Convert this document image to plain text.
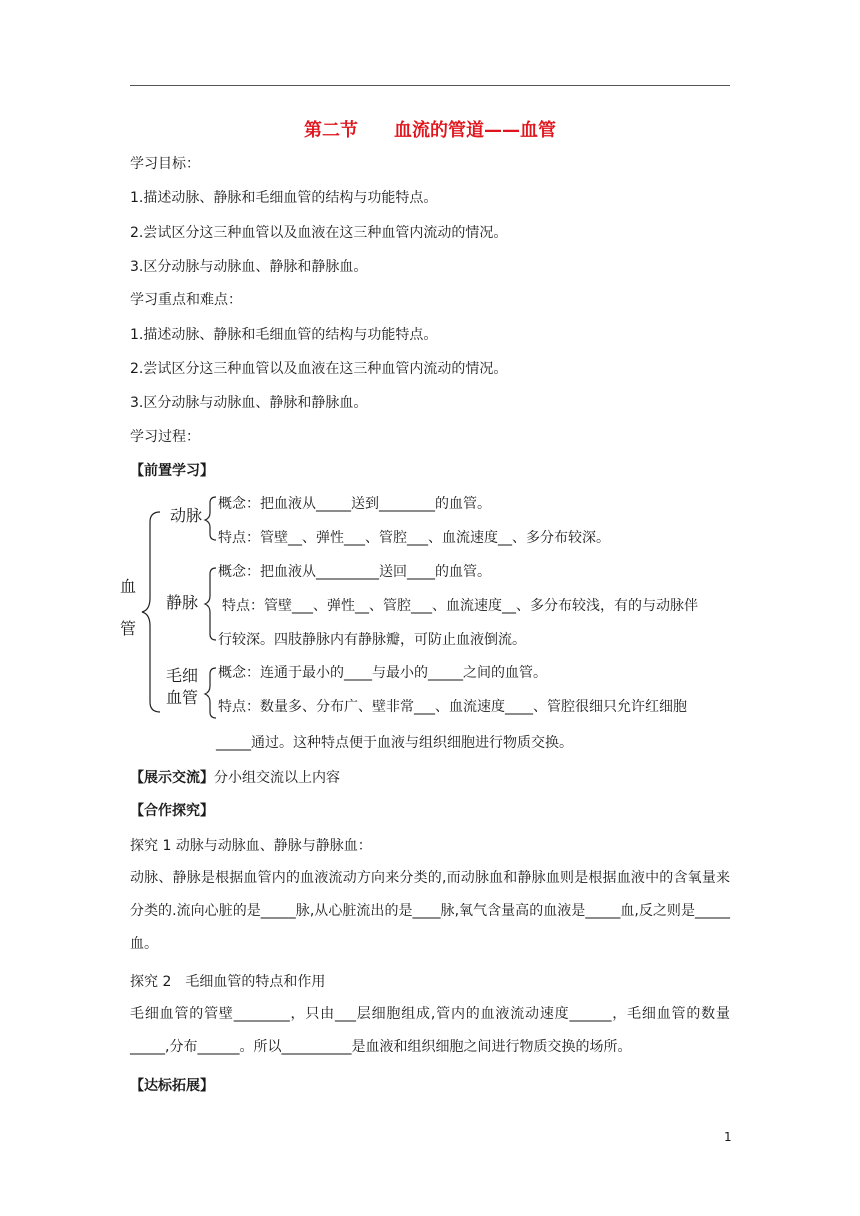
第二节　　血流的管道——血管
学习目标：
1.描述动脉、静脉和毛细血管的结构与功能特点。
2.尝试区分这三种血管以及血液在这三种血管内流动的情况。
3.区分动脉与动脉血、静脉和静脉血。
学习重点和难点：
1.描述动脉、静脉和毛细血管的结构与功能特点。
2.尝试区分这三种血管以及血液在这三种血管内流动的情况。
3.区分动脉与动脉血、静脉和静脉血。
学习过程：
【前置学习】
血
管
动脉
概念：把血液从_____送到________的血管。
特点：管壁__、弹性___、管腔___、血流速度__、多分布较深。
静脉
概念：把血液从_________送回____的血管。
特点：管壁___、弹性__、管腔___、血流速度__、多分布较浅，有的与动脉伴
行较深。四肢静脉内有静脉瓣，可防止血液倒流。
毛细
血管
概念：连通于最小的____与最小的_____之间的血管。
特点：数量多、分布广、壁非常___、血流速度____、管腔很细只允许红细胞
_____通过。这种特点便于血液与组织细胞进行物质交换。
【展示交流】分小组交流以上内容
【合作探究】
探究 1 动脉与动脉血、静脉与静脉血：
动脉、静脉是根据血管内的血液流动方向来分类的,而动脉血和静脉血则是根据血液中的含氧量来分类的.流向心脏的是_____脉,从心脏流出的是____脉,氧气含量高的血液是_____血,反之则是_____血。
探究 2　毛细血管的特点和作用
毛细血管的管壁________，只由___层细胞组成,管内的血液流动速度______，毛细血管的数量_____,分布______。所以__________是血液和组织细胞之间进行物质交换的场所。
【达标拓展】
1
